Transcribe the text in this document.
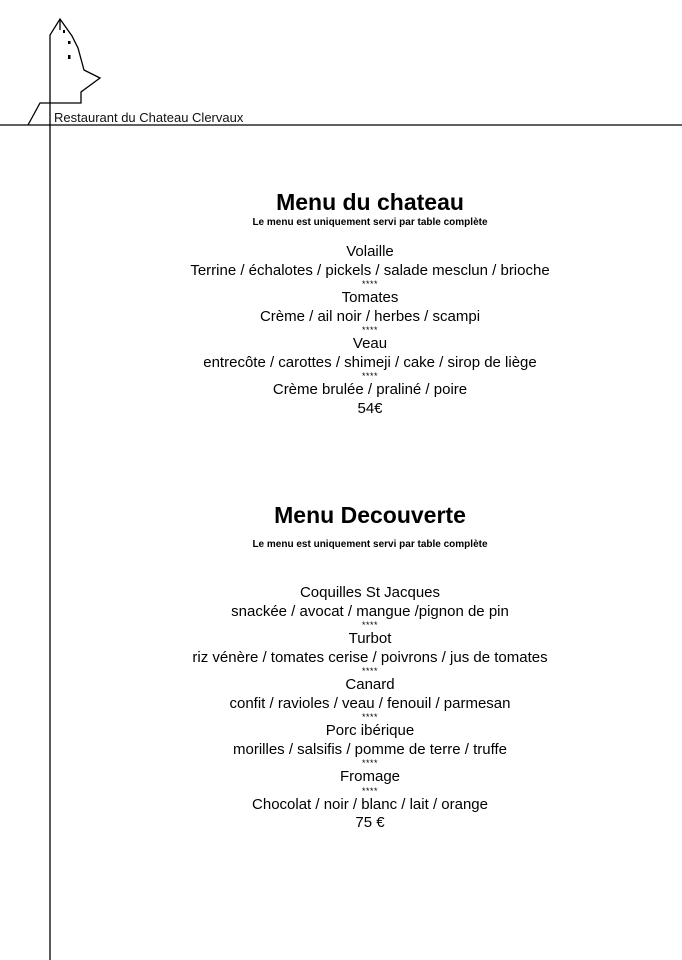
Restaurant du Chateau Clervaux
Menu du chateau
Le menu est uniquement servi par table complète
Volaille
Terrine / échalotes / pickels / salade mesclun / brioche
****
Tomates
Crème / ail noir / herbes / scampi
****
Veau
entrecôte / carottes / shimeji / cake / sirop de liège
****
Crème brulée / praliné / poire
54€
Menu Decouverte
Le menu est uniquement servi par table complète
Coquilles St Jacques
snackée / avocat / mangue /pignon de pin
****
Turbot
riz vénère / tomates cerise / poivrons / jus de tomates
****
Canard
confit / ravioles / veau / fenouil / parmesan
****
Porc ibérique
morilles / salsifis / pomme de terre / truffe
****
Fromage
****
Chocolat / noir / blanc / lait / orange
75 €
